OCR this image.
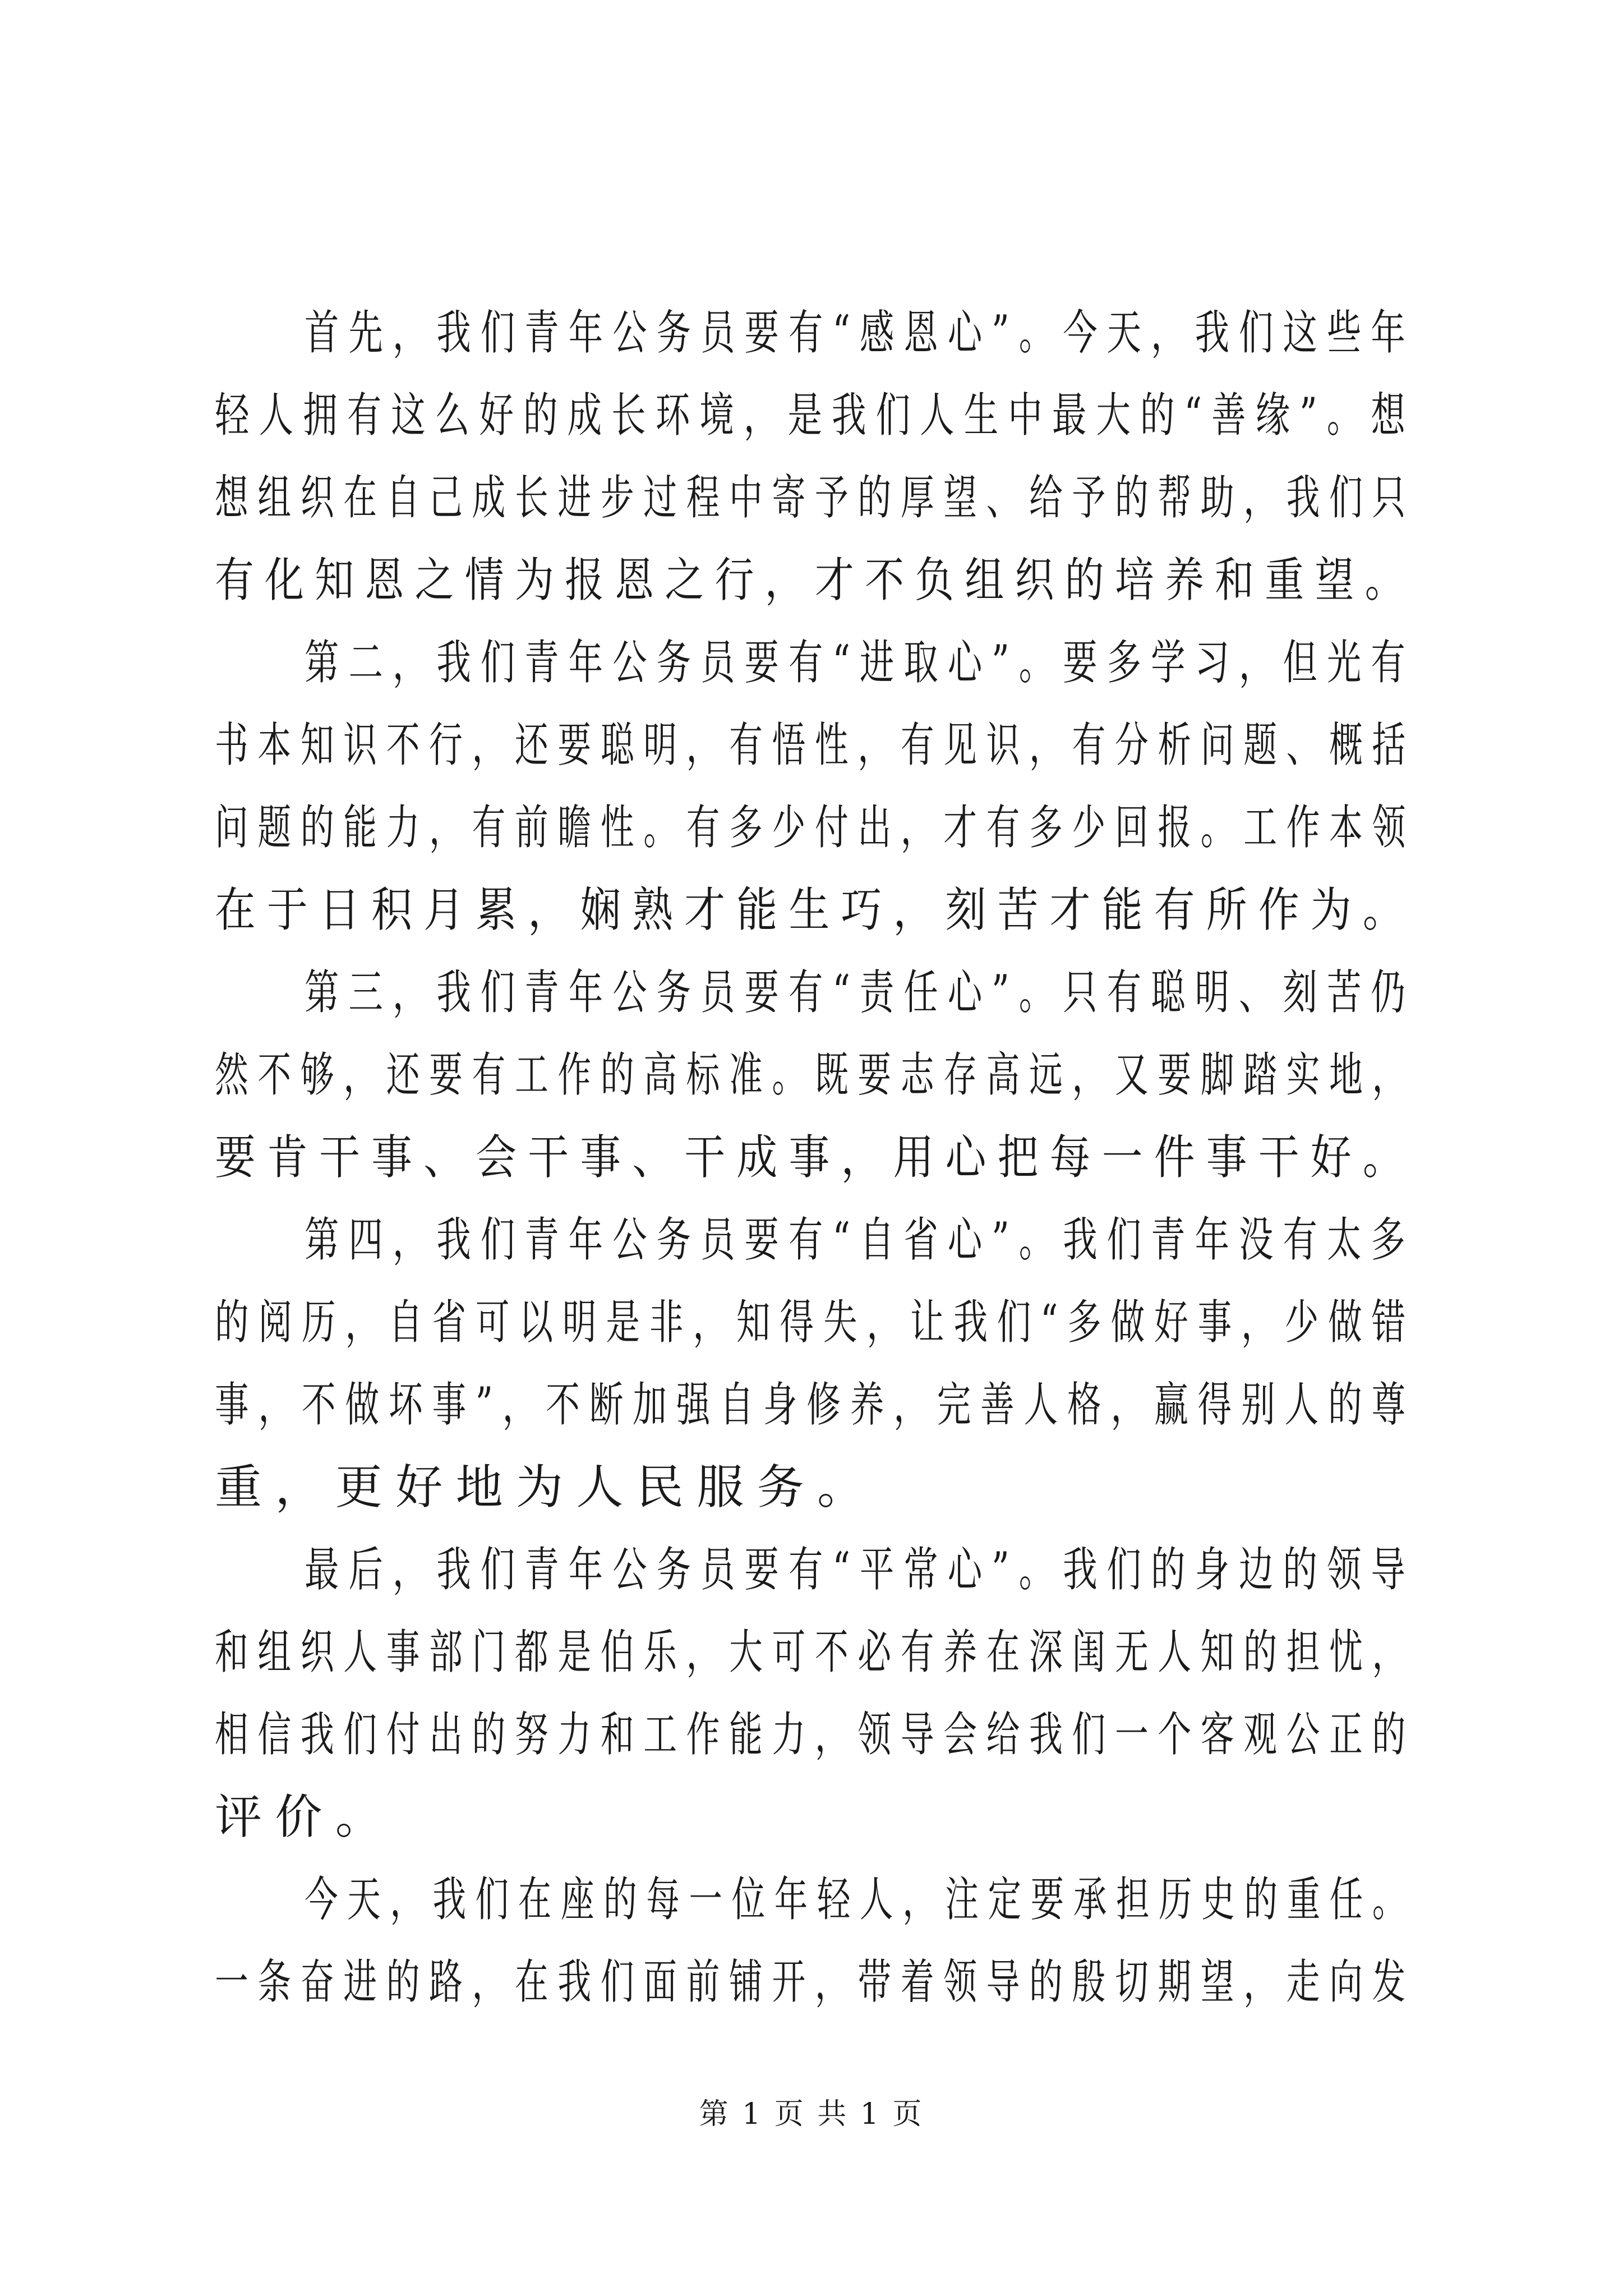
首先，我们青年公务员要有“感恩心”。今天，我们这些年
轻人拥有这么好的成长环境，是我们人生中最大的“善缘”。想
想组织在自己成长进步过程中寄予的厚望、给予的帮助，我们只
有化知恩之情为报恩之行，才不负组织的培养和重望。
第二，我们青年公务员要有“进取心”。要多学习，但光有
书本知识不行，还要聪明，有悟性，有见识，有分析问题、概括
问题的能力，有前瞻性。有多少付出，才有多少回报。工作本领
在于日积月累，娴熟才能生巧，刻苦才能有所作为。
第三，我们青年公务员要有“责任心”。只有聪明、刻苦仍
然不够，还要有工作的高标准。既要志存高远，又要脚踏实地，
要肯干事、会干事、干成事，用心把每一件事干好。
第四，我们青年公务员要有“自省心”。我们青年没有太多
的阅历，自省可以明是非，知得失，让我们“多做好事，少做错
事，不做坏事”，不断加强自身修养，完善人格，赢得别人的尊
重，更好地为人民服务。
最后，我们青年公务员要有“平常心”。我们的身边的领导
和组织人事部门都是伯乐，大可不必有养在深闺无人知的担忧，
相信我们付出的努力和工作能力，领导会给我们一个客观公正的
评价。
今天，我们在座的每一位年轻人，注定要承担历史的重任。
一条奋进的路，在我们面前铺开，带着领导的殷切期望，走向发
第 1 页 共 1 页
